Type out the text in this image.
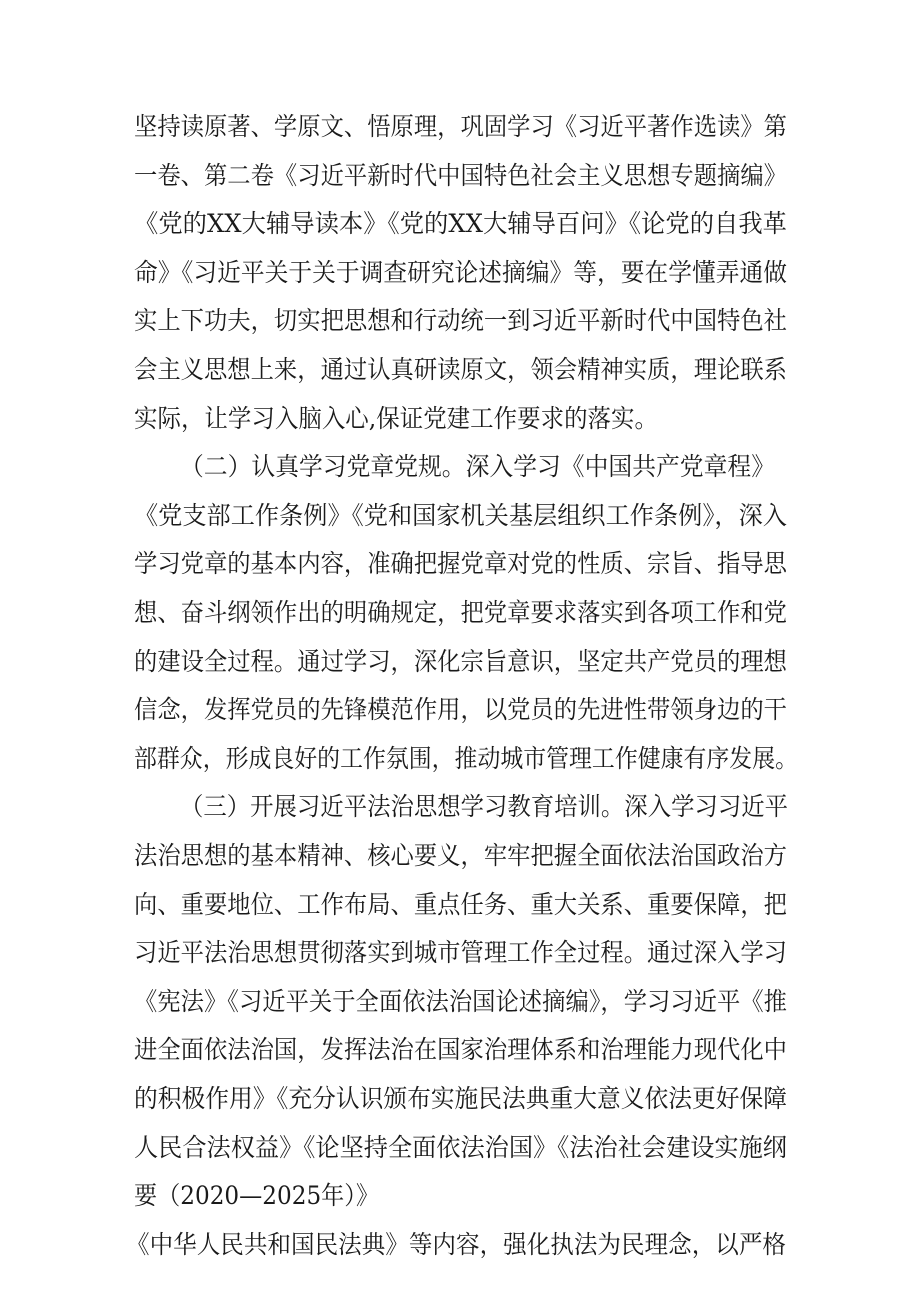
坚持读原著、学原文、悟原理，巩固学习《习近平著作选读》第
一卷、第二卷《习近平新时代中国特色社会主义思想专题摘编》
《党的XX大辅导读本》《党的XX大辅导百问》《论党的自我革
命》《习近平关于关于调查研究论述摘编》等，要在学懂弄通做
实上下功夫，切实把思想和行动统一到习近平新时代中国特色社
会主义思想上来，通过认真研读原文，领会精神实质，理论联系
实际，让学习入脑入心,保证党建工作要求的落实。
（二）认真学习党章党规。深入学习《中国共产党章程》
《党支部工作条例》《党和国家机关基层组织工作条例》，深入
学习党章的基本内容，准确把握党章对党的性质、宗旨、指导思
想、奋斗纲领作出的明确规定，把党章要求落实到各项工作和党
的建设全过程。通过学习，深化宗旨意识，坚定共产党员的理想
信念，发挥党员的先锋模范作用，以党员的先进性带领身边的干
部群众，形成良好的工作氛围，推动城市管理工作健康有序发展。
（三）开展习近平法治思想学习教育培训。深入学习习近平
法治思想的基本精神、核心要义，牢牢把握全面依法治国政治方
向、重要地位、工作布局、重点任务、重大关系、重要保障，把
习近平法治思想贯彻落实到城市管理工作全过程。通过深入学习
《宪法》《习近平关于全面依法治国论述摘编》，学习习近平《推
进全面依法治国，发挥法治在国家治理体系和治理能力现代化中
的积极作用》《充分认识颁布实施民法典重大意义依法更好保障
人民合法权益》《论坚持全面依法治国》《法治社会建设实施纲
要（2020—2025年）》
《中华人民共和国民法典》等内容，强化执法为民理念，以严格
